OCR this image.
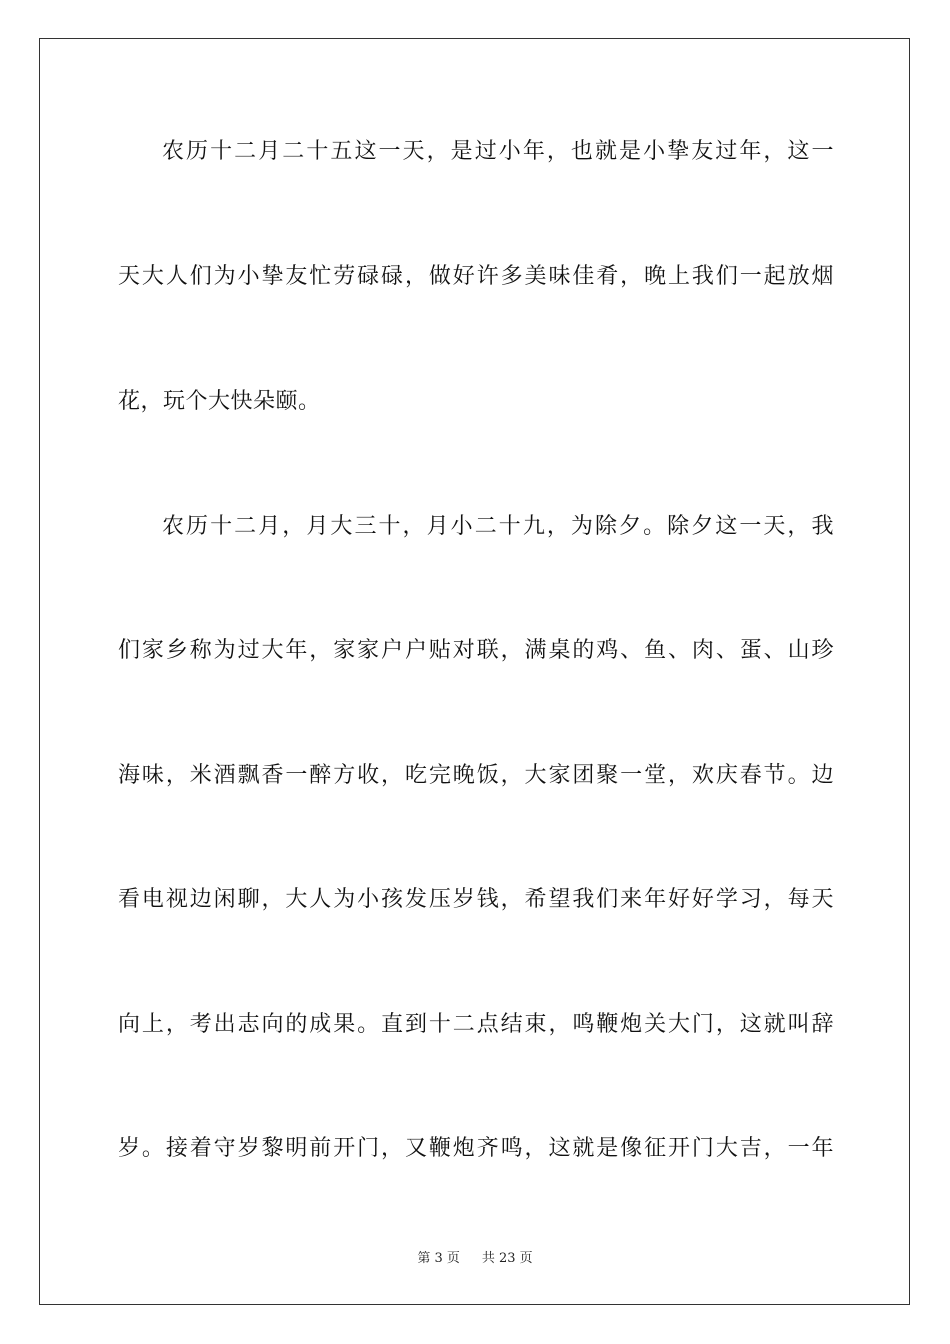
农历十二月二十五这一天，是过小年，也就是小挚友过年，这一
天大人们为小挚友忙劳碌碌，做好许多美味佳肴，晚上我们一起放烟
花，玩个大快朵颐。
农历十二月，月大三十，月小二十九，为除夕。除夕这一天，我
们家乡称为过大年，家家户户贴对联，满桌的鸡、鱼、肉、蛋、山珍
海味，米酒飘香一醉方收，吃完晚饭，大家团聚一堂，欢庆春节。边
看电视边闲聊，大人为小孩发压岁钱，希望我们来年好好学习，每天
向上，考出志向的成果。直到十二点结束，鸣鞭炮关大门，这就叫辞
岁。接着守岁黎明前开门，又鞭炮齐鸣，这就是像征开门大吉，一年
第 3 页 共 23 页
